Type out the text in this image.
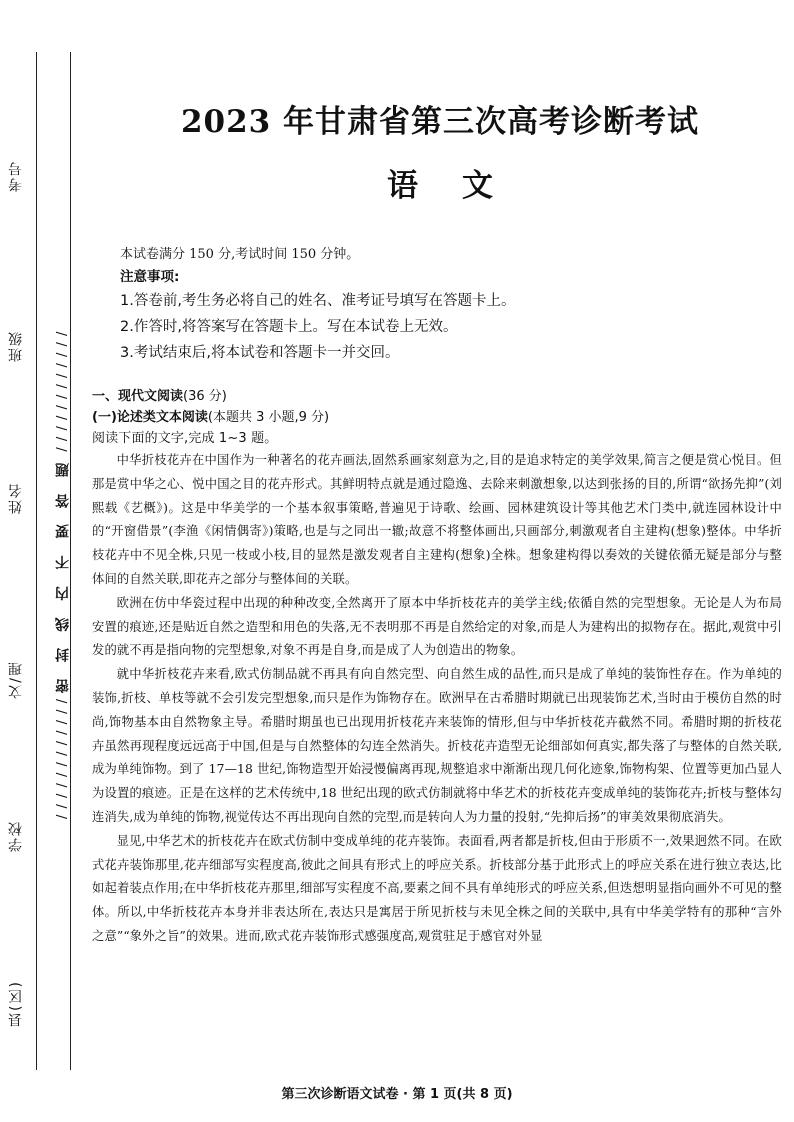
考号
班级
姓名
文/理
学校
县(区)
/ / / / / / / / / / / / 密 封 线 内 不 要 答 题 / / / / / / / / / / / /
2023 年甘肃省第三次高考诊断考试
语文
本试卷满分 150 分,考试时间 150 分钟。
注意事项:
1.答卷前,考生务必将自己的姓名、准考证号填写在答题卡上。
2.作答时,将答案写在答题卡上。写在本试卷上无效。
3.考试结束后,将本试卷和答题卡一并交回。

一、现代文阅读(36 分)

(一)论述类文本阅读(本题共 3 小题,9 分)

阅读下面的文字,完成 1~3 题。

中华折枝花卉在中国作为一种著名的花卉画法,固然系画家刻意为之,目的是追求特定的美学效果,简言之便是赏心悦目。但那是赏中华之心、悦中国之目的花卉形式。其鲜明特点就是通过隐逸、去除来刺激想象,以达到张扬的目的,所谓“欲扬先抑”(刘熙载《艺概》)。这是中华美学的一个基本叙事策略,普遍见于诗歌、绘画、园林建筑设计等其他艺术门类中,就连园林设计中的“开窗借景”(李渔《闲情偶寄》)策略,也是与之同出一辙;故意不将整体画出,只画部分,刺激观者自主建构(想象)整体。中华折枝花卉中不见全株,只见一枝或小枝,目的显然是激发观者自主建构(想象)全株。想象建构得以奏效的关键依循无疑是部分与整体间的自然关联,即花卉之部分与整体间的关联。

欧洲在仿中华瓷过程中出现的种种改变,全然离开了原本中华折枝花卉的美学主线;依循自然的完型想象。无论是人为布局安置的痕迹,还是贴近自然之造型和用色的失落,无不表明那不再是自然给定的对象,而是人为建构出的拟物存在。据此,观赏中引发的就不再是指向物的完型想象,对象不再是自身,而是成了人为创造出的物象。

就中华折枝花卉来看,欧式仿制品就不再具有向自然完型、向自然生成的品性,而只是成了单纯的装饰性存在。作为单纯的装饰,折枝、单枝等就不会引发完型想象,而只是作为饰物存在。欧洲早在古希腊时期就已出现装饰艺术,当时由于模仿自然的时尚,饰物基本由自然物象主导。希腊时期虽也已出现用折枝花卉来装饰的情形,但与中华折枝花卉截然不同。希腊时期的折枝花卉虽然再现程度远远高于中国,但是与自然整体的勾连全然消失。折枝花卉造型无论细部如何真实,都失落了与整体的自然关联,成为单纯饰物。到了 17—18 世纪,饰物造型开始浸慢偏离再现,规整追求中渐渐出现几何化迹象,饰物构架、位置等更加凸显人为设置的痕迹。正是在这样的艺术传统中,18 世纪出现的欧式仿制就将中华艺术的折枝花卉变成单纯的装饰花卉;折枝与整体勾连消失,成为单纯的饰物,视觉传达不再出现向自然的完型,而是转向人为力量的投射,“先抑后扬”的审美效果彻底消失。

显见,中华艺术的折枝花卉在欧式仿制中变成单纯的花卉装饰。表面看,两者都是折枝,但由于形质不一,效果迥然不同。在欧式花卉装饰那里,花卉细部写实程度高,彼此之间具有形式上的呼应关系。折枝部分基于此形式上的呼应关系在进行独立表达,比如起着装点作用;在中华折枝花卉那里,细部写实程度不高,要素之间不具有单纯形式的呼应关系,但迭想明显指向画外不可见的整体。所以,中华折枝花卉本身并非表达所在,表达只是寓居于所见折枝与未见全株之间的关联中,具有中华美学特有的那种“言外之意”“象外之旨”的效果。进而,欧式花卉装饰形式感强度高,观赏驻足于感官对外显

第三次诊断语文试卷 · 第 1 页(共 8 页)
